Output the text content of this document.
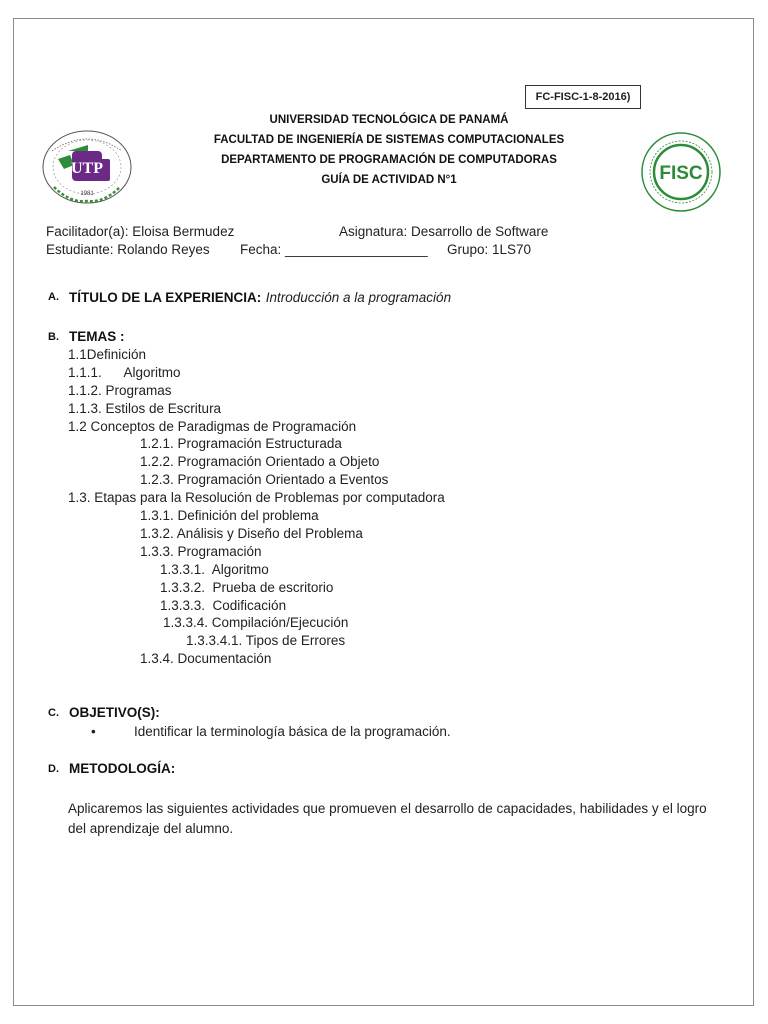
FC-FISC-1-8-2016)
UNIVERSIDAD TECNOLÓGICA DE PANAMÁ
FACULTAD DE INGENIERÍA DE SISTEMAS COMPUTACIONALES
DEPARTAMENTO DE PROGRAMACIÓN DE COMPUTADORAS
GUÍA DE ACTIVIDAD N°1
UTP
1981
FISC
Facilitador(a): Eloisa Bermudez	Asignatura: Desarrollo de Software
Estudiante: Rolando Reyes Fecha: ___________________ Grupo: 1LS70
A. TÍTULO DE LA EXPERIENCIA: Introducción a la programación
B. TEMAS :
1.1Definición
1.1.1.      Algoritmo
1.1.2. Programas
1.1.3. Estilos de Escritura
1.2 Conceptos de Paradigmas de Programación
1.2.1. Programación Estructurada
1.2.2. Programación Orientado a Objeto
1.2.3. Programación Orientado a Eventos
1.3. Etapas para la Resolución de Problemas por computadora
1.3.1. Definición del problema
1.3.2. Análisis y Diseño del Problema
1.3.3. Programación
1.3.3.1.  Algoritmo
1.3.3.2.  Prueba de escritorio
1.3.3.3.  Codificación
1.3.3.4. Compilación/Ejecución
1.3.3.4.1. Tipos de Errores
1.3.4. Documentación
C. OBJETIVO(S):
•	Identificar la terminología básica de la programación.
D. METODOLOGÍA:
Aplicaremos las siguientes actividades que promueven el desarrollo de capacidades, habilidades y el logro del aprendizaje del alumno.
